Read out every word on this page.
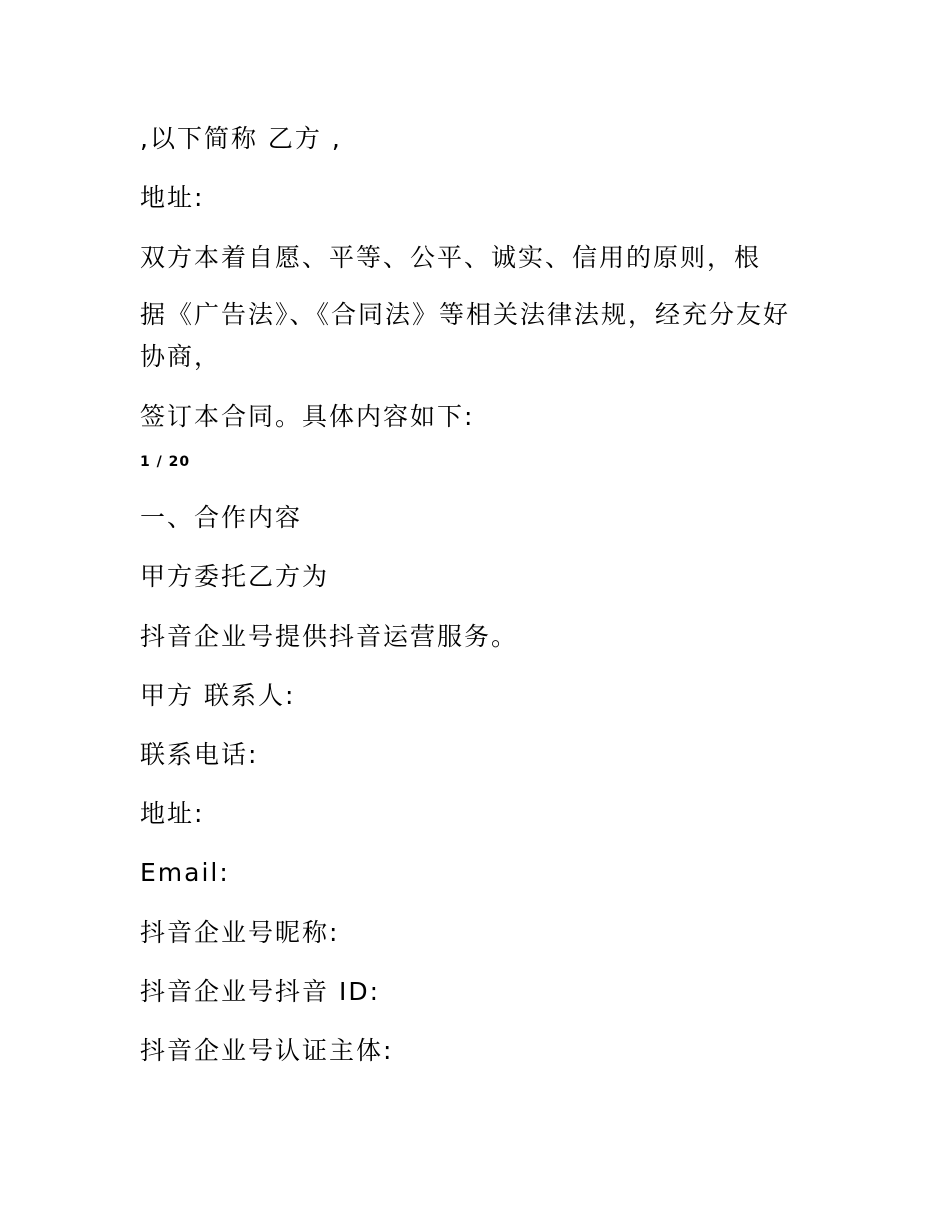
,以下简称 乙方 ,

地址:

双方本着自愿、平等、公平、诚实、信用的原则，根

据《广告法》、《合同法》等相关法律法规，经充分友好协商，

签订本合同。具体内容如下:

1 / 20

一、合作内容

甲方委托乙方为

抖音企业号提供抖音运营服务。

甲方 联系人:

联系电话:

地址:

Email:

抖音企业号昵称:

抖音企业号抖音 ID:

抖音企业号认证主体:
